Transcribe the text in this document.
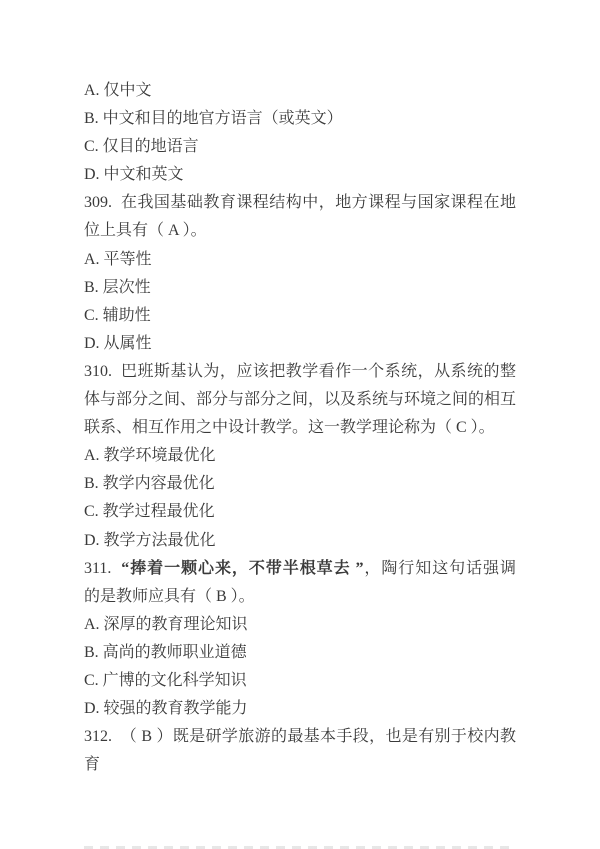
A. 仅中文
B. 中文和目的地官方语言（或英文）
C. 仅目的地语言
D. 中文和英文
309.  在我国基础教育课程结构中，地方课程与国家课程在地
位上具有（ A ）。
A. 平等性
B. 层次性
C. 辅助性
D. 从属性
310.  巴班斯基认为，应该把教学看作一个系统，从系统的整
体与部分之间、部分与部分之间，以及系统与环境之间的相互
联系、相互作用之中设计教学。这一教学理论称为（ C ）。
A. 教学环境最优化
B. 教学内容最优化
C. 教学过程最优化
D. 教学方法最优化
311.  “捧着一颗心来，不带半根草去 ”，陶行知这句话强调
的是教师应具有（ B ）。
A. 深厚的教育理论知识
B. 高尚的教师职业道德
C. 广博的文化科学知识
D. 较强的教育教学能力
312.  （ B ）既是研学旅游的最基本手段，也是有别于校内教育
